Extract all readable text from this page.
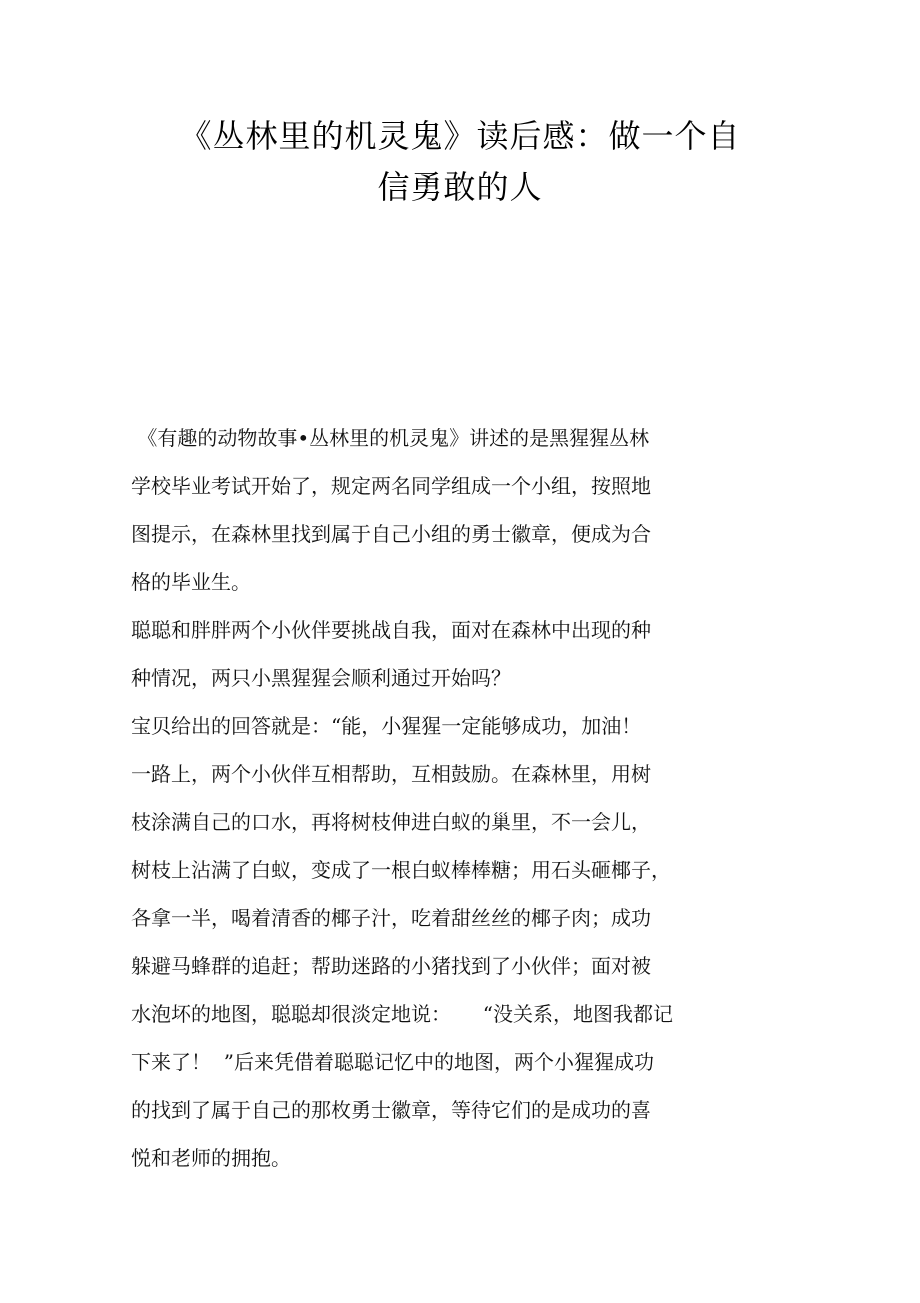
《丛林里的机灵鬼》读后感：做一个自
信勇敢的人
《有趣的动物故事•丛林里的机灵鬼》讲述的是黑猩猩丛林
学校毕业考试开始了，规定两名同学组成一个小组，按照地
图提示，在森林里找到属于自己小组的勇士徽章，便成为合
格的毕业生。
聪聪和胖胖两个小伙伴要挑战自我，面对在森林中出现的种
种情况，两只小黑猩猩会顺利通过开始吗？
宝贝给出的回答就是：“能，小猩猩一定能够成功，加油！
一路上，两个小伙伴互相帮助，互相鼓励。在森林里，用树
枝涂满自己的口水，再将树枝伸进白蚁的巢里，不一会儿，
树枝上沾满了白蚁，变成了一根白蚁棒棒糖；用石头砸椰子，
各拿一半，喝着清香的椰子汁，吃着甜丝丝的椰子肉；成功
躲避马蜂群的追赶；帮助迷路的小猪找到了小伙伴；面对被
水泡坏的地图，聪聪却很淡定地说：     “没关系，地图我都记
下来了！  ”后来凭借着聪聪记忆中的地图，两个小猩猩成功
的找到了属于自己的那枚勇士徽章，等待它们的是成功的喜
悦和老师的拥抱。
